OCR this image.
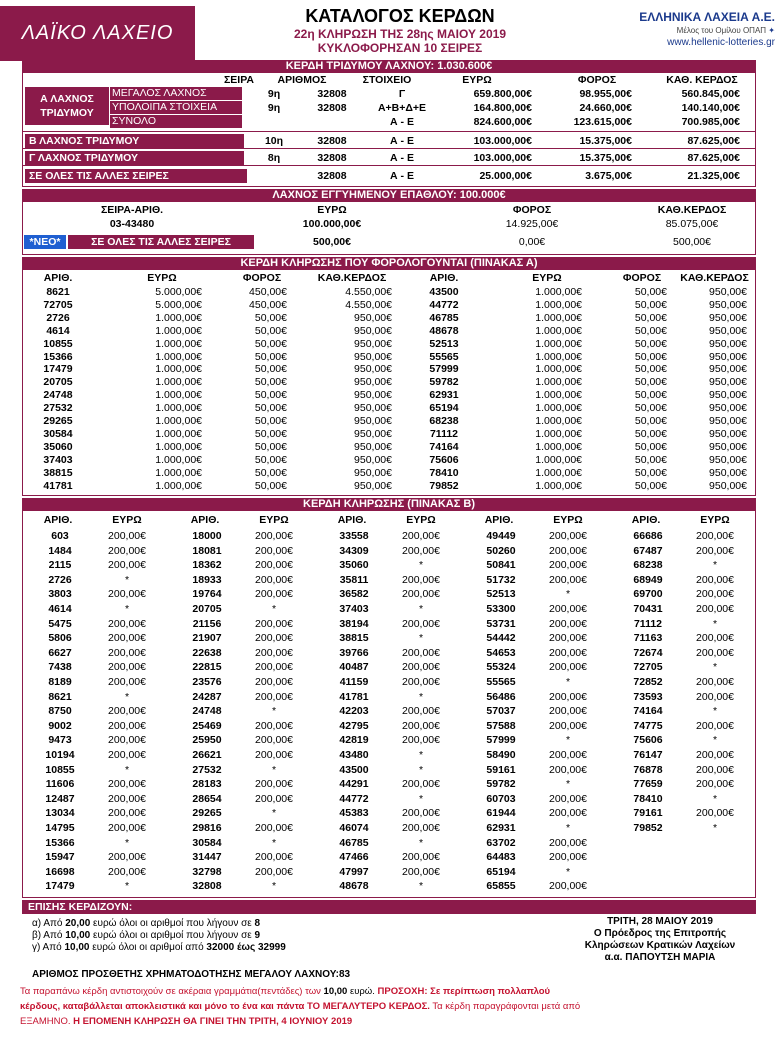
ΛΑΪΚΟ ΛΑΧΕΙΟ
ΚΑΤΑΛΟΓΟΣ ΚΕΡΔΩΝ
22η ΚΛΗΡΩΣΗ ΤΗΣ 28ης ΜΑΙΟΥ 2019
ΚΥΚΛΟΦΟΡΗΣΑΝ 10 ΣΕΙΡΕΣ
ΕΛΛΗΝΙΚΑ ΛΑΧΕΙΑ Α.Ε.
Μέλος του Ομίλου ΟΠΑΠ ✦
www.hellenic-lotteries.gr
ΚΕΡΔΗ ΤΡΙΔΥΜΟΥ ΛΑΧΝΟΥ: 1.030.600€
ΣΕΙΡΑ	ΑΡΙΘΜΟΣ	ΣΤΟΙΧΕΙΟ	ΕΥΡΩ	ΦΟΡΟΣ	ΚΑΘ. ΚΕΡΔΟΣ
Α ΛΑΧΝΟΣ
ΤΡΙΔΥΜΟΥ
ΜΕΓΑΛΟΣ ΛΑΧΝΟΣ	9η	32808	Γ	659.800,00€	98.955,00€	560.845,00€
ΥΠΟΛΟΙΠΑ ΣΤΟΙΧΕΙΑ	9η	32808	Α+Β+Δ+Ε	164.800,00€	24.660,00€	140.140,00€
ΣΥΝΟΛΟ	Α - Ε	824.600,00€	123.615,00€	700.985,00€
Β ΛΑΧΝΟΣ ΤΡΙΔΥΜΟΥ	10η	32808	Α - Ε	103.000,00€	15.375,00€	87.625,00€
Γ ΛΑΧΝΟΣ ΤΡΙΔΥΜΟΥ	8η	32808	Α - Ε	103.000,00€	15.375,00€	87.625,00€
ΣΕ ΟΛΕΣ ΤΙΣ ΑΛΛΕΣ ΣΕΙΡΕΣ	32808	Α - Ε	25.000,00€	3.675,00€	21.325,00€
ΛΑΧΝΟΣ ΕΓΓΥΗΜΕΝΟΥ ΕΠΑΘΛΟΥ: 100.000€
ΣΕΙΡΑ-ΑΡΙΘ.	ΕΥΡΩ	ΦΟΡΟΣ	ΚΑΘ.ΚΕΡΔΟΣ
03-43480	100.000,00€	14.925,00€	85.075,00€
*ΝΕΟ*	ΣΕ ΟΛΕΣ ΤΙΣ ΑΛΛΕΣ ΣΕΙΡΕΣ	500,00€	0,00€	500,00€
ΚΕΡΔΗ ΚΛΗΡΩΣΗΣ ΠΟΥ ΦΟΡΟΛΟΓΟΥΝΤΑΙ (ΠΙΝΑΚΑΣ Α)
ΑΡΙΘ.	ΕΥΡΩ	ΦΟΡΟΣ	ΚΑΘ.ΚΕΡΔΟΣ	ΑΡΙΘ.	ΕΥΡΩ	ΦΟΡΟΣ	ΚΑΘ.ΚΕΡΔΟΣ
8621	5.000,00€	450,00€	4.550,00€	43500	1.000,00€	50,00€	950,00€
72705	5.000,00€	450,00€	4.550,00€	44772	1.000,00€	50,00€	950,00€
2726	1.000,00€	50,00€	950,00€	46785	1.000,00€	50,00€	950,00€
4614	1.000,00€	50,00€	950,00€	48678	1.000,00€	50,00€	950,00€
10855	1.000,00€	50,00€	950,00€	52513	1.000,00€	50,00€	950,00€
15366	1.000,00€	50,00€	950,00€	55565	1.000,00€	50,00€	950,00€
17479	1.000,00€	50,00€	950,00€	57999	1.000,00€	50,00€	950,00€
20705	1.000,00€	50,00€	950,00€	59782	1.000,00€	50,00€	950,00€
24748	1.000,00€	50,00€	950,00€	62931	1.000,00€	50,00€	950,00€
27532	1.000,00€	50,00€	950,00€	65194	1.000,00€	50,00€	950,00€
29265	1.000,00€	50,00€	950,00€	68238	1.000,00€	50,00€	950,00€
30584	1.000,00€	50,00€	950,00€	71112	1.000,00€	50,00€	950,00€
35060	1.000,00€	50,00€	950,00€	74164	1.000,00€	50,00€	950,00€
37403	1.000,00€	50,00€	950,00€	75606	1.000,00€	50,00€	950,00€
38815	1.000,00€	50,00€	950,00€	78410	1.000,00€	50,00€	950,00€
41781	1.000,00€	50,00€	950,00€	79852	1.000,00€	50,00€	950,00€
ΚΕΡΔΗ ΚΛΗΡΩΣΗΣ (ΠΙΝΑΚΑΣ Β)
ΑΡΙΘ.	ΕΥΡΩ	ΑΡΙΘ.	ΕΥΡΩ	ΑΡΙΘ.	ΕΥΡΩ	ΑΡΙΘ.	ΕΥΡΩ	ΑΡΙΘ.	ΕΥΡΩ
603	200,00€	18000	200,00€	33558	200,00€	49449	200,00€	66686	200,00€
1484	200,00€	18081	200,00€	34309	200,00€	50260	200,00€	67487	200,00€
2115	200,00€	18362	200,00€	35060	*	50841	200,00€	68238	*
2726	*	18933	200,00€	35811	200,00€	51732	200,00€	68949	200,00€
3803	200,00€	19764	200,00€	36582	200,00€	52513	*	69700	200,00€
4614	*	20705	*	37403	*	53300	200,00€	70431	200,00€
5475	200,00€	21156	200,00€	38194	200,00€	53731	200,00€	71112	*
5806	200,00€	21907	200,00€	38815	*	54442	200,00€	71163	200,00€
6627	200,00€	22638	200,00€	39766	200,00€	54653	200,00€	72674	200,00€
7438	200,00€	22815	200,00€	40487	200,00€	55324	200,00€	72705	*
8189	200,00€	23576	200,00€	41159	200,00€	55565	*	72852	200,00€
8621	*	24287	200,00€	41781	*	56486	200,00€	73593	200,00€
8750	200,00€	24748	*	42203	200,00€	57037	200,00€	74164	*
9002	200,00€	25469	200,00€	42795	200,00€	57588	200,00€	74775	200,00€
9473	200,00€	25950	200,00€	42819	200,00€	57999	*	75606	*
10194	200,00€	26621	200,00€	43480	*	58490	200,00€	76147	200,00€
10855	*	27532	*	43500	*	59161	200,00€	76878	200,00€
11606	200,00€	28183	200,00€	44291	200,00€	59782	*	77659	200,00€
12487	200,00€	28654	200,00€	44772	*	60703	200,00€	78410	*
13034	200,00€	29265	*	45383	200,00€	61944	200,00€	79161	200,00€
14795	200,00€	29816	200,00€	46074	200,00€	62931	*	79852	*
15366	*	30584	*	46785	*	63702	200,00€
15947	200,00€	31447	200,00€	47466	200,00€	64483	200,00€
16698	200,00€	32798	200,00€	47997	200,00€	65194	*
17479	*	32808	*	48678	*	65855	200,00€
ΕΠΙΣΗΣ ΚΕΡΔΙΖΟΥΝ:
α) Από 20,00 ευρώ όλοι οι αριθμοί που λήγουν σε 8
β) Από 10,00 ευρώ όλοι οι αριθμοί που λήγουν σε 9
γ) Από 10,00 ευρώ όλοι οι αριθμοί από 32000 έως 32999
ΤΡΙΤΗ, 28 ΜΑΙΟΥ 2019
Ο Πρόεδρος της Επιτροπής
Κληρώσεων Κρατικών Λαχείων
α.α. ΠΑΠΟΥΤΣΗ ΜΑΡΙΑ
ΑΡΙΘΜΟΣ ΠΡΟΣΘΕΤΗΣ ΧΡΗΜΑΤΟΔΟΤΗΣΗΣ ΜΕΓΑΛΟΥ ΛΑΧΝΟΥ:83
Τα παραπάνω κέρδη αντιστοιχούν σε ακέραια γραμμάτια(πεντάδες) των 10,00 ευρώ. ΠΡΟΣΟΧΗ: Σε περίπτωση πολλαπλού
κέρδους, καταβάλλεται αποκλειστικά και μόνο το ένα και πάντα ΤΟ ΜΕΓΑΛΥΤΕΡΟ ΚΕΡΔΟΣ. Τα κέρδη παραγράφονται μετά από
ΕΞΑΜΗΝΟ. Η ΕΠΟΜΕΝΗ ΚΛΗΡΩΣΗ ΘΑ ΓΙΝΕΙ ΤΗΝ ΤΡΙΤΗ, 4 ΙΟΥΝΙΟΥ 2019
